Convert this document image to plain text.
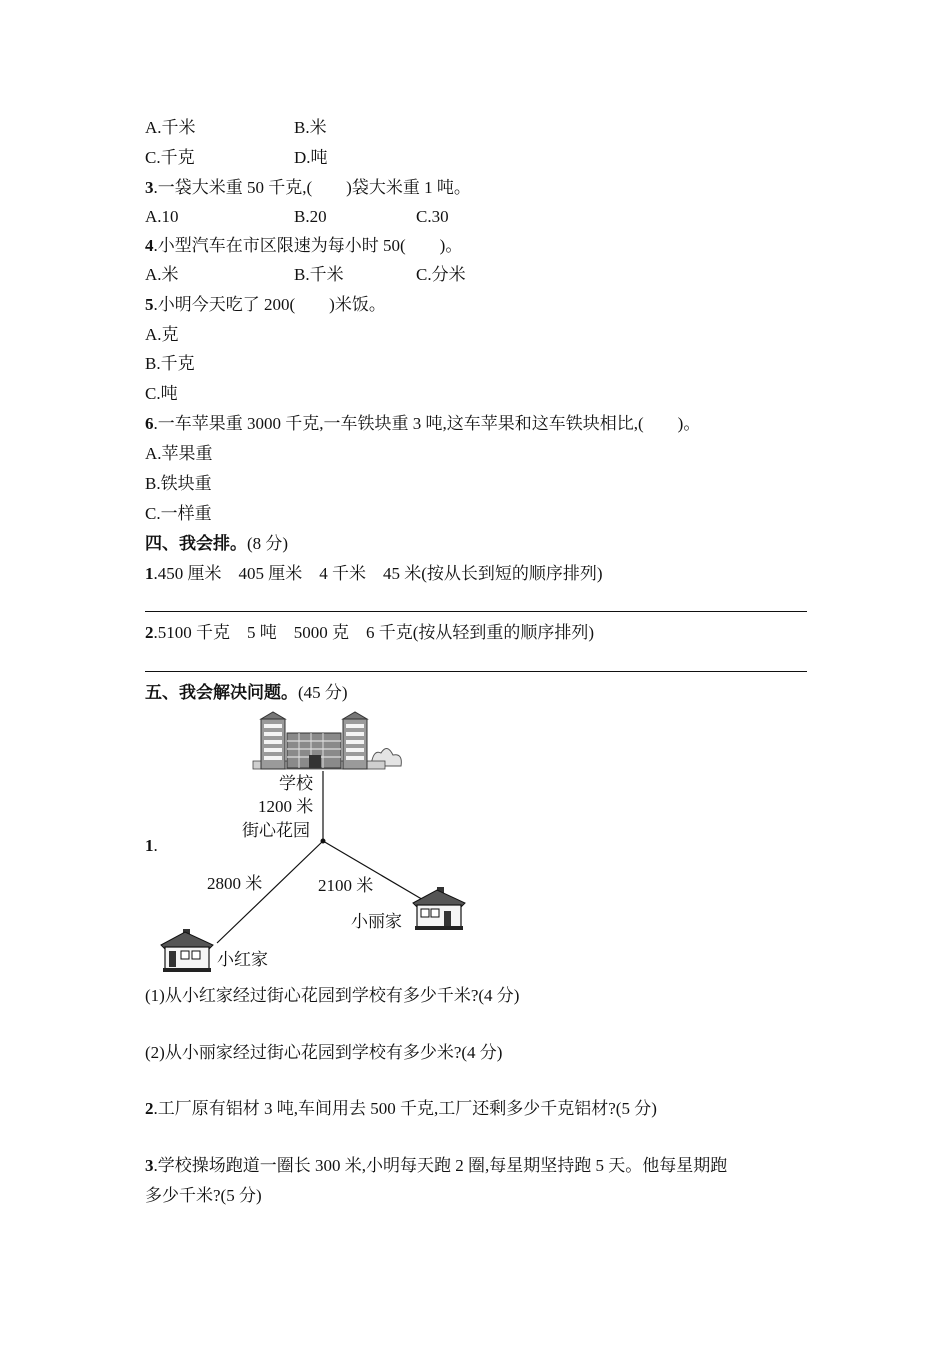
A.千米	B.米
C.千克	D.吨
3.一袋大米重 50 千克,(　　)袋大米重 1 吨。
A.10	B.20	C.30
4.小型汽车在市区限速为每小时 50(　　)。
A.米	B.千米	C.分米
5.小明今天吃了 200(　　)米饭。
A.克
B.千克
C.吨
6.一车苹果重 3000 千克,一车铁块重 3 吨,这车苹果和这车铁块相比,(　　)。
A.苹果重
B.铁块重
C.一样重
四、我会排。(8 分)
1.450 厘米　405 厘米　4 千米　45 米(按从长到短的顺序排列)
2.5100 千克　5 吨　5000 克　6 千克(按从轻到重的顺序排列)
五、我会解决问题。(45 分)
1.
学校
1200 米
街心花园
2800 米	2100 米
小丽家
小红家
(1)从小红家经过街心花园到学校有多少千米?(4 分)
(2)从小丽家经过街心花园到学校有多少米?(4 分)
2.工厂原有铝材 3 吨,车间用去 500 千克,工厂还剩多少千克铝材?(5 分)
3.学校操场跑道一圈长 300 米,小明每天跑 2 圈,每星期坚持跑 5 天。他每星期跑
多少千米?(5 分)
